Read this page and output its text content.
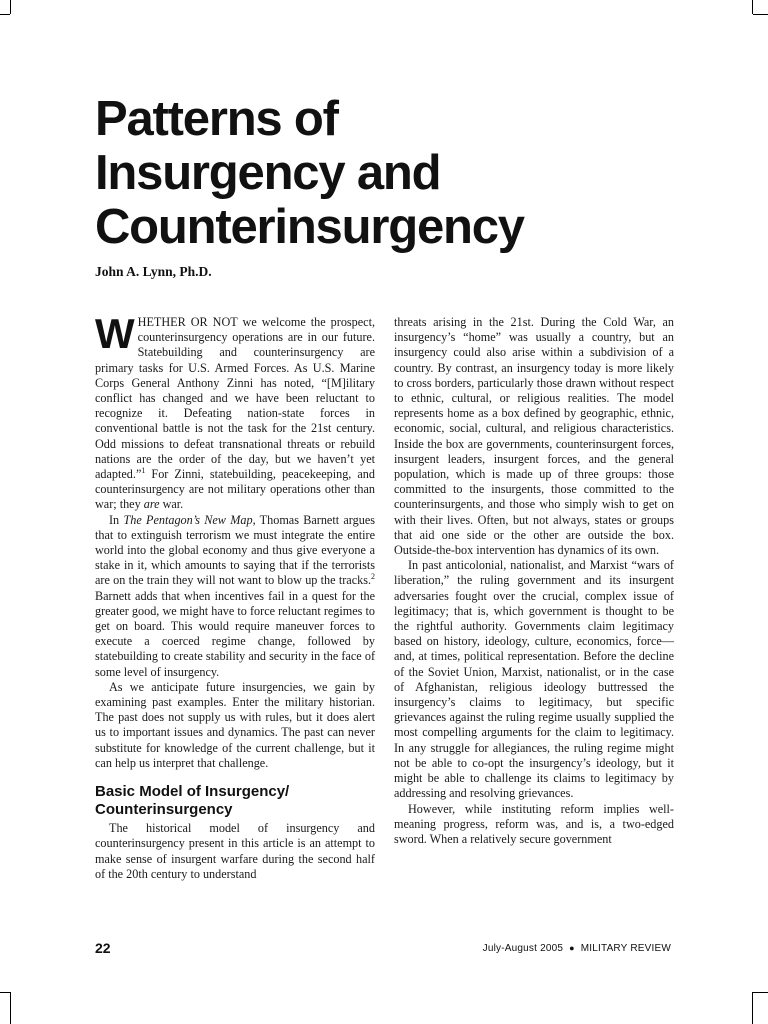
Patterns of
Insurgency and
Counterinsurgency

John A. Lynn, Ph.D.

WHETHER OR NOT we welcome the prospect, counterinsurgency operations are in our future. Statebuilding and counterinsurgency are primary tasks for U.S. Armed Forces. As U.S. Marine Corps General Anthony Zinni has noted, “[M]ilitary conflict has changed and we have been reluctant to recognize it. Defeating nation-state forces in conventional battle is not the task for the 21st century. Odd missions to defeat transnational threats or rebuild nations are the order of the day, but we haven’t yet adapted.”$^1$ For Zinni, statebuilding, peacekeeping, and counterinsurgency are not military operations other than war; they are war.

In The Pentagon’s New Map, Thomas Barnett argues that to extinguish terrorism we must integrate the entire world into the global economy and thus give everyone a stake in it, which amounts to saying that if the terrorists are on the train they will not want to blow up the tracks.$^2$ Barnett adds that when incentives fail in a quest for the greater good, we might have to force reluctant regimes to get on board. This would require maneuver forces to execute a coerced regime change, followed by statebuilding to create stability and security in the face of some level of insurgency.

As we anticipate future insurgencies, we gain by examining past examples. Enter the military historian. The past does not supply us with rules, but it does alert us to important issues and dynamics. The past can never substitute for knowledge of the current challenge, but it can help us interpret that challenge.

Basic Model of Insurgency/ Counterinsurgency

The historical model of insurgency and counterinsurgency present in this article is an attempt to make sense of insurgent warfare during the second half of the 20th century to understand

threats arising in the 21st. During the Cold War, an insurgency’s “home” was usually a country, but an insurgency could also arise within a subdivision of a country. By contrast, an insurgency today is more likely to cross borders, particularly those drawn without respect to ethnic, cultural, or religious realities. The model represents home as a box defined by geographic, ethnic, economic, social, cultural, and religious characteristics. Inside the box are governments, counterinsurgent forces, insurgent leaders, insurgent forces, and the general population, which is made up of three groups: those committed to the insurgents, those committed to the counterinsurgents, and those who simply wish to get on with their lives. Often, but not always, states or groups that aid one side or the other are outside the box. Outside-the-box intervention has dynamics of its own.

In past anticolonial, nationalist, and Marxist “wars of liberation,” the ruling government and its insurgent adversaries fought over the crucial, complex issue of legitimacy; that is, which government is thought to be the rightful authority. Governments claim legitimacy based on history, ideology, culture, economics, force—and, at times, political representation. Before the decline of the Soviet Union, Marxist, nationalist, or in the case of Afghanistan, religious ideology buttressed the insurgency’s claims to legitimacy, but specific grievances against the ruling regime usually supplied the most compelling arguments for the claim to legitimacy. In any struggle for allegiances, the ruling regime might not be able to co-opt the insurgency’s ideology, but it might be able to challenge its claims to legitimacy by addressing and resolving grievances.

However, while instituting reform implies well-meaning progress, reform was, and is, a two-edged sword. When a relatively secure government

22	July-August 2005 ● MILITARY REVIEW
